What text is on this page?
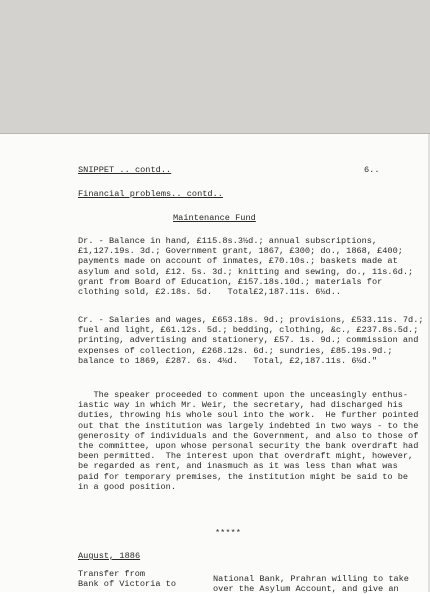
SNIPPET .. contd..	6..
Financial problems.. contd..
Maintenance Fund
Dr. - Balance in hand, £115.8s.3½d.; annual subscriptions,
£1,127.19s. 3d.; Government grant, 1867, £300; do., 1868, £400;
payments made on account of inmates, £70.10s.; baskets made at
asylum and sold, £12. 5s. 3d.; knitting and sewing, do., 11s.6d.;
grant from Board of Education, £157.18s.10d.; materials for
clothing sold, £2.18s. 5d.   Total£2,187.11s. 6½d..
Cr. - Salaries and wages, £653.18s. 9d.; provisions, £533.11s. 7d.;
fuel and light, £61.12s. 5d.; bedding, clothing, &c., £237.8s.5d.;
printing, advertising and stationery, £57. 1s. 9d.; commission and
expenses of collection, £268.12s. 6d.; sundries, £85.19s.9d.;
balance to 1869, £287. 6s. 4½d.   Total, £2,187.11s. 6½d."
The speaker proceeded to comment upon the unceasingly enthus-
iastic way in which Mr. Weir, the secretary, had discharged his
duties, throwing his whole soul into the work.  He further pointed
out that the institution was largely indebted in two ways - to the
generosity of individuals and the Government, and also to those of
the committee, upon whose personal security the bank overdraft had
been permitted.  The interest upon that overdraft might, however,
be regarded as rent, and inasmuch as it was less than what was
paid for temporary premises, the institution might be said to be
in a good position.
*****
August, 1886
Transfer from
Bank of Victoria to
National Bank, Prahran willing to take
over the Asylum Account, and give an
